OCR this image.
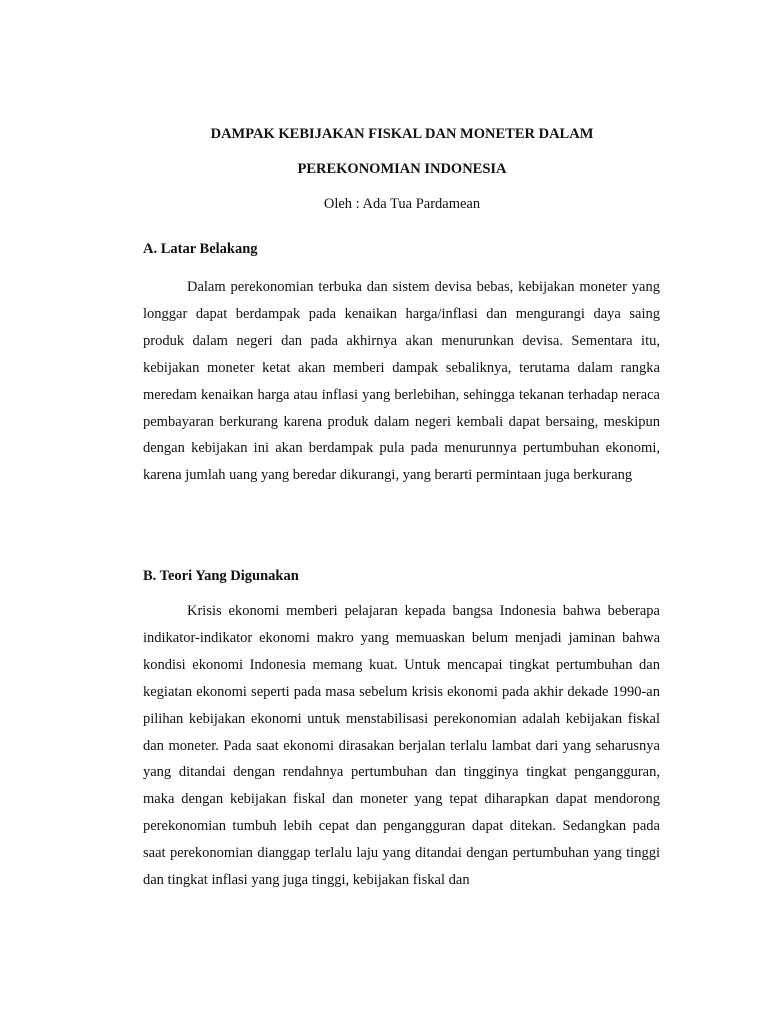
DAMPAK KEBIJAKAN FISKAL DAN MONETER DALAM
PEREKONOMIAN INDONESIA

Oleh : Ada Tua Pardamean

A. Latar Belakang

Dalam perekonomian terbuka dan sistem devisa bebas, kebijakan moneter yang longgar dapat berdampak pada kenaikan harga/inflasi dan mengurangi daya saing produk dalam negeri dan pada akhirnya akan menurunkan devisa. Sementara itu, kebijakan moneter ketat akan memberi dampak sebaliknya, terutama dalam rangka meredam kenaikan harga atau inflasi yang berlebihan, sehingga tekanan terhadap neraca pembayaran berkurang karena produk dalam negeri kembali dapat bersaing, meskipun dengan kebijakan ini akan berdampak pula pada menurunnya pertumbuhan ekonomi, karena jumlah uang yang beredar dikurangi, yang berarti permintaan juga berkurang

B. Teori Yang Digunakan

Krisis ekonomi memberi pelajaran kepada bangsa Indonesia bahwa beberapa indikator-indikator ekonomi makro yang memuaskan belum menjadi jaminan bahwa kondisi ekonomi Indonesia memang kuat. Untuk mencapai tingkat pertumbuhan dan kegiatan ekonomi seperti pada masa sebelum krisis ekonomi pada akhir dekade 1990-an pilihan kebijakan ekonomi untuk menstabilisasi perekonomian adalah kebijakan fiskal dan moneter. Pada saat ekonomi dirasakan berjalan terlalu lambat dari yang seharusnya yang ditandai dengan rendahnya pertumbuhan dan tingginya tingkat pengangguran, maka dengan kebijakan fiskal dan moneter yang tepat diharapkan dapat mendorong perekonomian tumbuh lebih cepat dan pengangguran dapat ditekan. Sedangkan pada saat perekonomian dianggap terlalu laju yang ditandai dengan pertumbuhan yang tinggi dan tingkat inflasi yang juga tinggi, kebijakan fiskal dan
